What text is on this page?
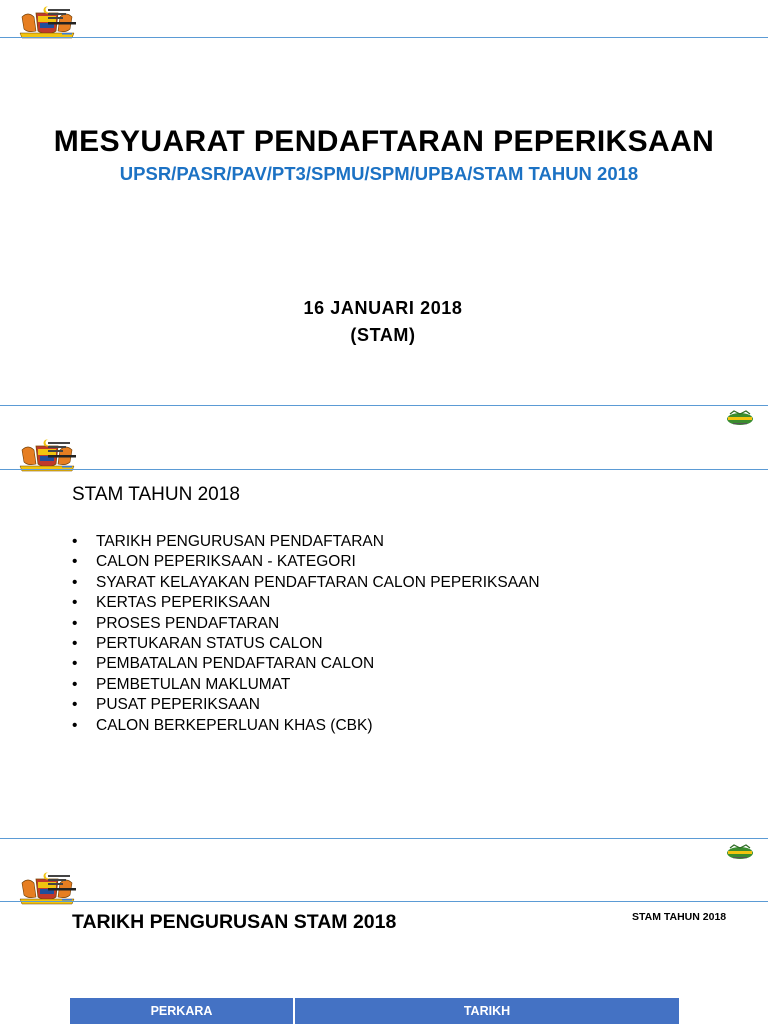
MESYUARAT PENDAFTARAN PEPERIKSAAN
UPSR/PASR/PAV/PT3/SPMU/SPM/UPBA/STAM TAHUN 2018
16 JANUARI 2018
(STAM)
STAM TAHUN 2018
• TARIKH PENGURUSAN PENDAFTARAN
• CALON PEPERIKSAAN - KATEGORI
• SYARAT KELAYAKAN PENDAFTARAN CALON PEPERIKSAAN
• KERTAS PEPERIKSAAN
• PROSES PENDAFTARAN
• PERTUKARAN STATUS CALON
• PEMBATALAN PENDAFTARAN CALON
• PEMBETULAN MAKLUMAT
• PUSAT PEPERIKSAAN
• CALON BERKEPERLUAN KHAS (CBK)
TARIKH PENGURUSAN STAM 2018	STAM TAHUN 2018
PERKARA	TARIKH
